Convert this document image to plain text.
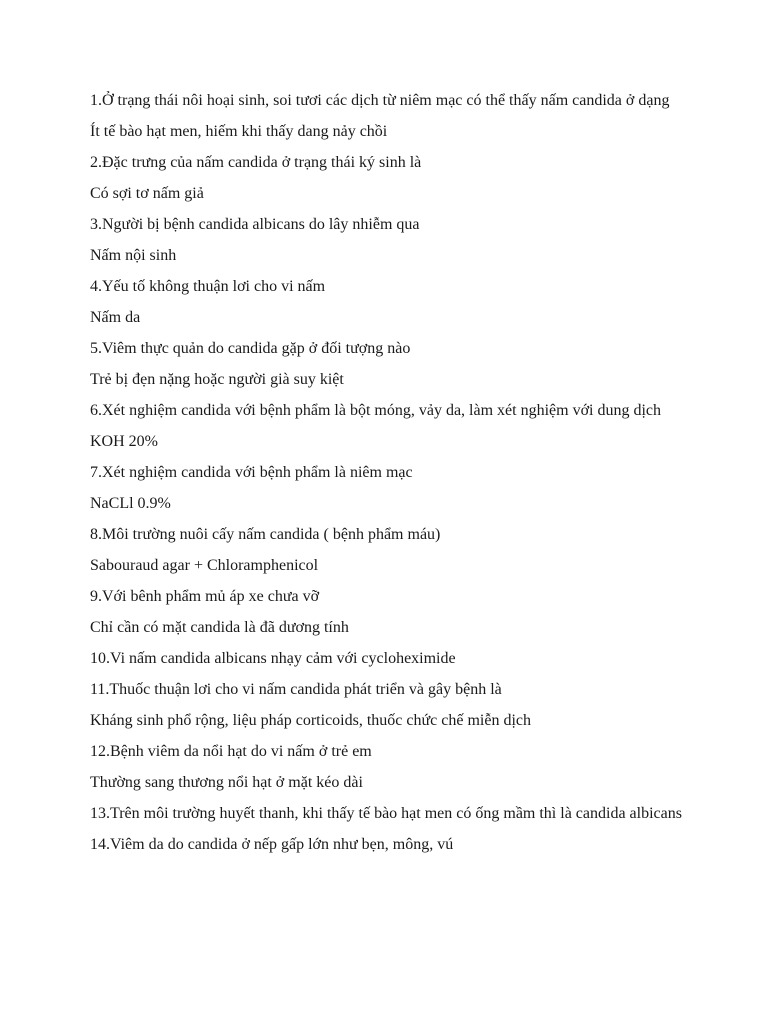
1.Ở trạng thái nôi hoại sinh, soi tươi các dịch từ niêm mạc có thể thấy nấm candida ở dạng

Ít tế bào hạt men, hiếm khi thấy dang nảy chồi

2.Đặc trưng của nấm candida ở trạng thái ký sinh là

Có sợi tơ nấm giả

3.Người bị bệnh candida albicans do lây nhiễm qua

Nấm nội sinh

4.Yếu tố không thuận lơi cho vi nấm

Nấm da

5.Viêm thực quản do candida gặp ở đối tượng nào

Trẻ bị đẹn nặng hoặc người già suy kiệt

6.Xét nghiệm candida với bệnh phẩm là bột móng, vảy da, làm xét nghiệm với dung dịch

KOH 20%

7.Xét nghiệm candida với bệnh phẩm là niêm mạc

NaCLl 0.9%

8.Môi trường nuôi cấy nấm candida ( bệnh phẩm máu)

Sabouraud agar + Chloramphenicol

9.Với bênh phẩm mủ áp xe chưa vỡ

Chỉ cần có mặt candida là đã dương tính

10.Vi nấm candida albicans nhạy cảm với cycloheximide

11.Thuốc thuận lơi cho vi nấm candida phát triển và gây bệnh là

Kháng sinh phổ rộng, liệu pháp corticoids, thuốc chức chế miễn dịch

12.Bệnh viêm da nổi hạt do vi nấm ở trẻ em

Thường sang thương nổi hạt ở mặt kéo dài

13.Trên môi trường huyết thanh, khi thấy tế bào hạt men có ống mầm thì là candida albicans

14.Viêm da do candida ở nếp gấp lớn như bẹn, mông, vú
